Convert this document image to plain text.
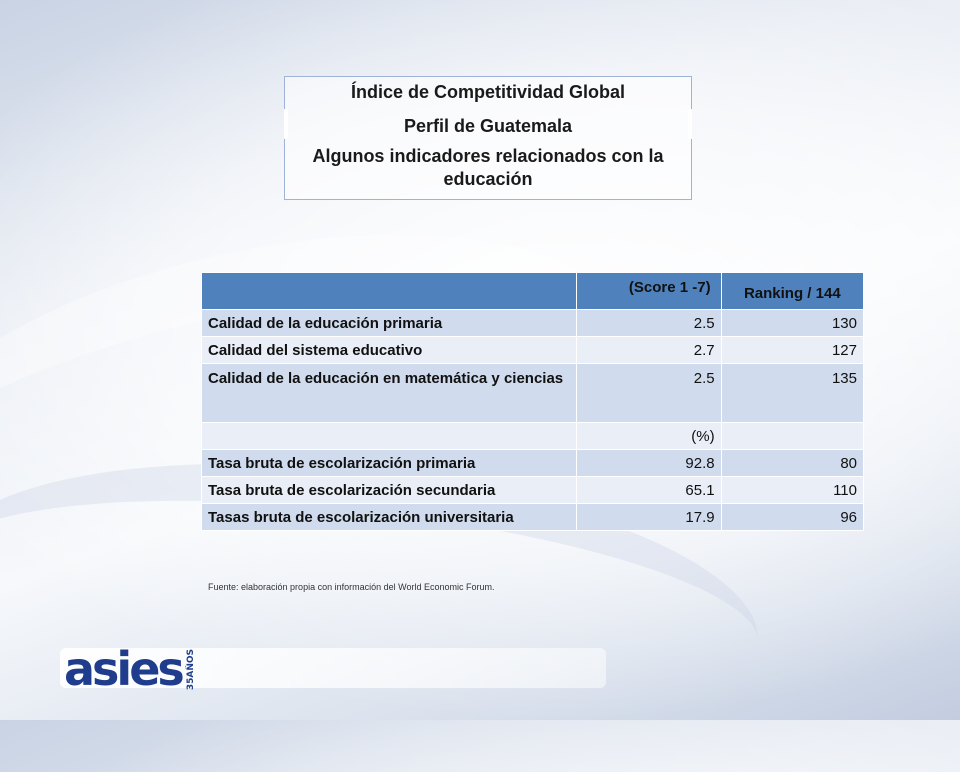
Índice de Competitividad Global
Perfil de Guatemala
Algunos indicadores relacionados con la educación
	(Score 1 -7)	Ranking / 144
Calidad de la educación primaria	2.5	130
Calidad del sistema educativo	2.7	127
Calidad de la educación en matemática y ciencias	2.5	135
	(%)	
Tasa bruta de escolarización primaria	92.8	80
Tasa bruta de escolarización secundaria	65.1	110
Tasas bruta de escolarización universitaria	17.9	96
Fuente: elaboración propia con información del World Economic Forum.
asies 35AÑOS
